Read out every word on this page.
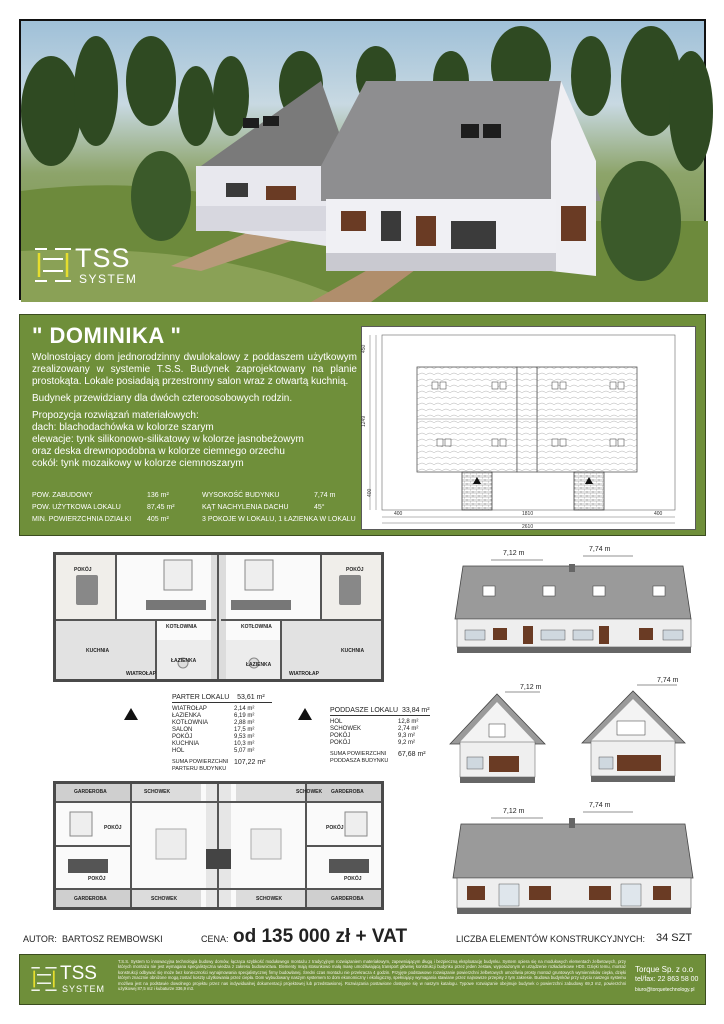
TSS
SYSTEM
" DOMINIKA "

Wolnostojący dom jednorodzinny dwulokalowy z poddaszem użytkowym zrealizowany w systemie T.S.S. Budynek zaprojektowany na planie prostokąta. Lokale posiadają przestronny salon wraz z otwartą kuchnią.

Budynek przewidziany dla dwóch czteroosobowych rodzin.

Propozycja rozwiązań materiałowych:
dach: blachodachówka w kolorze szarym
elewacje: tynk silikonowo-silikatowy w kolorze jasnobeżowym
oraz deska drewnopodobna w kolorze ciemnego orzechu
cokół: tynk mozaikowy w kolorze ciemnoszarym

POW. ZABUDOWY	136 m²	WYSOKOŚĆ BUDYNKU	7,74 m
POW. UŻYTKOWA LOKALU	87,45 m²	KĄT NACHYLENIA DACHU	45°
MIN. POWIERZCHNIA DZIAŁKI 405 m²	3 POKOJE W LOKALU, 1 ŁAZIENKA W LOKALU
400	1810	400
2610
450
1249
400
POKÓJ	POKÓJ
KOTŁOWNIA	KOTŁOWNIA
KUCHNIA	KUCHNIA
ŁAZIENKA
ŁAZIENKA
WIATROŁAP	WIATROŁAP
PARTER LOKALU 53,61 m²
WIATROŁAP	2,14 m²
ŁAZIENKA	6,19 m²
KOTŁOWNIA	2,88 m²
SALON	17,5 m²
POKÓJ	9,53 m²
KUCHNIA	10,3 m²
HOL	5,07 m²
SUMA POWIERZCHNI PARTERU BUDYNKU
107,22 m²
PODDASZE LOKALU 33,84 m²
HOL	12,8 m²
SCHOWEK	2,74 m²
POKÓJ	9,3 m²
POKÓJ	9,2 m²
SUMA POWIERZCHNI PODDASZA BUDYNKU
67,68 m²
GARDEROBA	GARDEROBA
SCHOWEK	SCHOWEK
POKÓJ	POKÓJ
POKÓJ	POKÓJ
GARDEROBA	GARDEROBA
SCHOWEK	SCHOWEK
7,12 m
7,74 m
7,12 m
7,74 m
7,12 m
7,74 m
AUTOR: BARTOSZ REMBOWSKI	CENA: od 135 000 zł + VAT	LICZBA ELEMENTÓW KONSTRUKCYJNYCH: 34 SZT
TSS
SYSTEM
T.S.S. System to innowacyjna technologia budowy domów, łącząca szybkość modułowego montażu z tradycyjnym rozwiązaniem materiałowym, zapewniającym długą i bezpieczną eksploatację budynku. System opiera się na modułowych elementach żelbetowych, przy których montażu nie jest wymagana specjalistyczna wiedza z zakresu budownictwa. Elementy mają stosunkowo małą masę umożliwiającą transport głównej konstrukcji budynku przez jeden zestaw, wyposażonym w urządzenie rozładunkowe HDS. Dzięki temu, montaż konstrukcji odbywać się może bez konieczności wynajmowania specjalistycznej firmy budowlanej. Średni czas montażu nie przekracza 4 godzin. Przyjęte podstawowe rozwiązanie powierzchni żelbetowych umożliwia prosty montaż gruntowych wymienników ciepła, dzięki którym znacznie obniżone mogą zostać koszty użytkowania przez ciepła. Dom wybudowany naszym systemem to dom ekonomiczny i ekologiczny, spełniający wymagania stawiane przez najnowsze przepisy z tym zakresie. Budowa budynków przy użyciu naszego systemu możliwa jest na podstawie dowolnego projektu przez nas indywidualnej dokumentacji projektowej lub przedstawionej. Rozwiązania postawione dostępne się w naszym katalogu. Typowe rozwiązanie obejmuje budynek o powierzchni zabudowy 69,3 m2, powierzchni użytkowej 87,5 m2 i kubaturze 336,9 m3.
Torque Sp. z o.o
tel/fax: 22 863 58 00
biuro@torquetechnology.pl
